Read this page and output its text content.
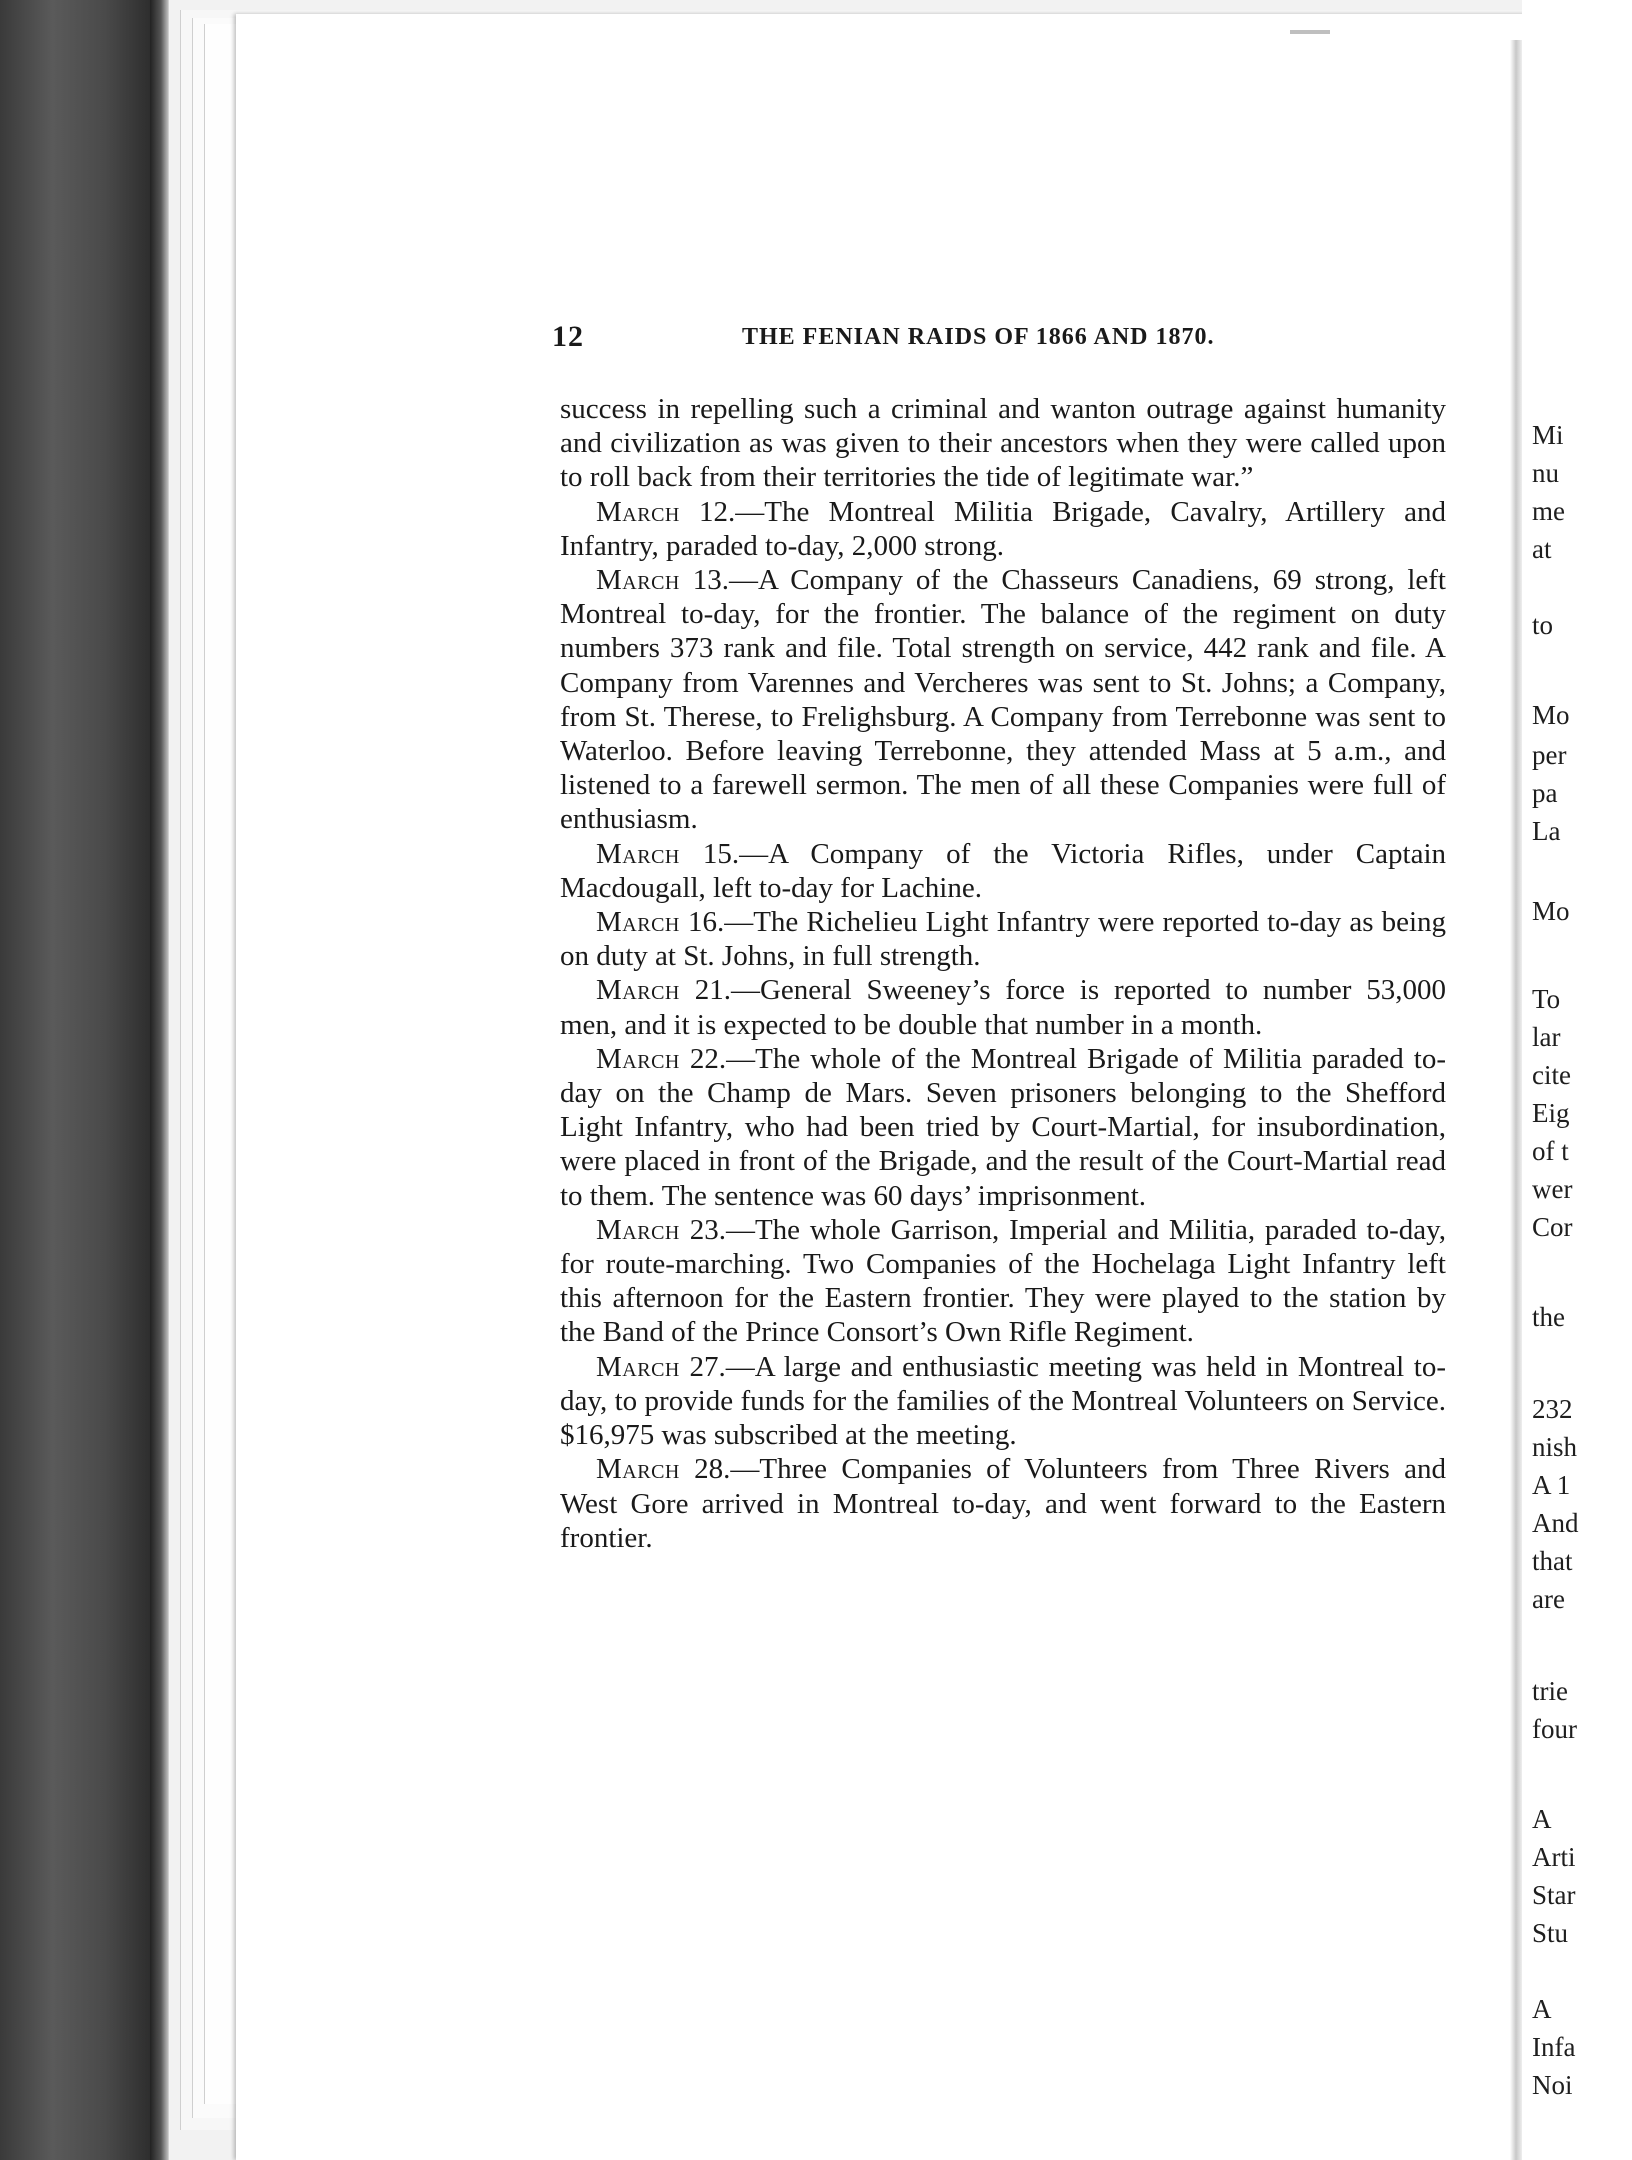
12	THE FENIAN RAIDS OF 1866 AND 1870.

success in repelling such a criminal and wanton outrage against humanity and civilization as was given to their ancestors when they were called upon to roll back from their territories the tide of legitimate war.”

March 12.—The Montreal Militia Brigade, Cavalry, Artillery and Infantry, paraded to-day, 2,000 strong.

March 13.—A Company of the Chasseurs Canadiens, 69 strong, left Montreal to-day, for the frontier. The balance of the regiment on duty numbers 373 rank and file. Total strength on service, 442 rank and file. A Company from Varennes and Vercheres was sent to St. Johns; a Company, from St. Therese, to Frelighsburg. A Company from Terrebonne was sent to Waterloo. Before leaving Terrebonne, they attended Mass at 5 a.m., and listened to a farewell sermon. The men of all these Companies were full of enthusiasm.

March 15.—A Company of the Victoria Rifles, under Captain Macdougall, left to-day for Lachine.

March 16.—The Richelieu Light Infantry were reported to-day as being on duty at St. Johns, in full strength.

March 21.—General Sweeney’s force is reported to number 53,000 men, and it is expected to be double that number in a month.

March 22.—The whole of the Montreal Brigade of Militia paraded to-day on the Champ de Mars. Seven prisoners belonging to the Shefford Light Infantry, who had been tried by Court-Martial, for insubordination, were placed in front of the Brigade, and the result of the Court-Martial read to them. The sentence was 60 days’ imprisonment.

March 23.—The whole Garrison, Imperial and Militia, paraded to-day, for route-marching. Two Companies of the Hochelaga Light Infantry left this afternoon for the Eastern frontier. They were played to the station by the Band of the Prince Consort’s Own Rifle Regiment.

March 27.—A large and enthusiastic meeting was held in Montreal to-day, to provide funds for the families of the Montreal Volunteers on Service. $16,975 was subscribed at the meeting.

March 28.—Three Companies of Volunteers from Three Rivers and West Gore arrived in Montreal to-day, and went forward to the Eastern frontier.

Mi
nu
me
at
to
Mo
per
pa
La
Mo
To
lar
cite
Eig
of t
wer
Cor
the
232
nish
A 1
And
that
are
trie
four
A
Arti
Star
Stu
A
Infa
Noi
